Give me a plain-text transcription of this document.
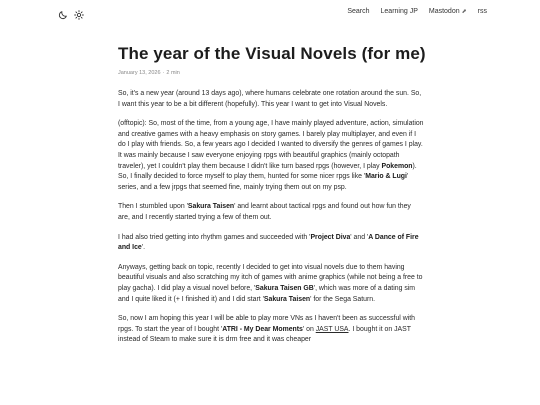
Search Learning JP Mastodon ⬈ rss
The year of the Visual Novels (for me)
January 13, 2026 · 2 min

So, it's a new year (around 13 days ago), where humans celebrate one rotation around the sun. So, I want this year to be a bit different (hopefully). This year I want to get into Visual Novels.

(offtopic): So, most of the time, from a young age, I have mainly played adventure, action, simulation and creative games with a heavy emphasis on story games. I barely play multiplayer, and even if I do I play with friends. So, a few years ago I decided I wanted to diversify the genres of games I play. It was mainly because I saw everyone enjoying rpgs with beautiful graphics (mainly octopath traveler), yet I couldn't play them because I didn't like turn based rpgs (however, I play Pokemon). So, I finally decided to force myself to play them, hunted for some nicer rpgs like 'Mario & Lugi' series, and a few jrpgs that seemed fine, mainly trying them out on my psp.

Then I stumbled upon 'Sakura Taisen' and learnt about tactical rpgs and found out how fun they are, and I recently started trying a few of them out.

I had also tried getting into rhythm games and succeeded with 'Project Diva' and 'A Dance of Fire and Ice'.

Anyways, getting back on topic, recently I decided to get into visual novels due to them having beautiful visuals and also scratching my itch of games with anime graphics (while not being a free to play gacha). I did play a visual novel before, 'Sakura Taisen GB', which was more of a dating sim and I quite liked it (+ I finished it) and I did start 'Sakura Taisen' for the Sega Saturn.

So, now I am hoping this year I will be able to play more VNs as I haven't been as successful with rpgs. To start the year of I bought 'ATRI - My Dear Moments' on JAST USA. I bought it on JAST instead of Steam to make sure it is drm free and it was cheaper
